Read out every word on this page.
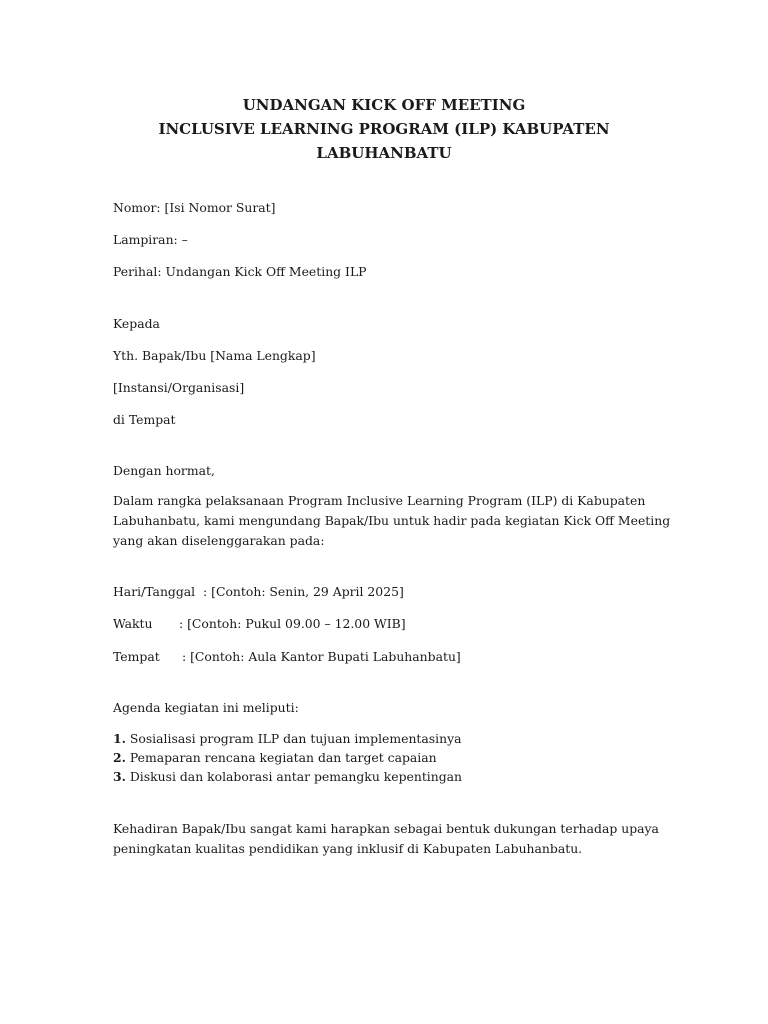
UNDANGAN KICK OFF MEETING
INCLUSIVE LEARNING PROGRAM (ILP) KABUPATEN
LABUHANBATU
Nomor: [Isi Nomor Surat]
Lampiran: –
Perihal: Undangan Kick Off Meeting ILP
Kepada
Yth. Bapak/Ibu [Nama Lengkap]
[Instansi/Organisasi]
di Tempat
Dengan hormat,
Dalam rangka pelaksanaan Program Inclusive Learning Program (ILP) di Kabupaten
Labuhanbatu, kami mengundang Bapak/Ibu untuk hadir pada kegiatan Kick Off Meeting
yang akan diselenggarakan pada:
Hari/Tanggal  : [Contoh: Senin, 29 April 2025]
Waktu : [Contoh: Pukul 09.00 – 12.00 WIB]
Tempat : [Contoh: Aula Kantor Bupati Labuhanbatu]
Agenda kegiatan ini meliputi:
1. Sosialisasi program ILP dan tujuan implementasinya
2. Pemaparan rencana kegiatan dan target capaian
3. Diskusi dan kolaborasi antar pemangku kepentingan
Kehadiran Bapak/Ibu sangat kami harapkan sebagai bentuk dukungan terhadap upaya
peningkatan kualitas pendidikan yang inklusif di Kabupaten Labuhanbatu.
